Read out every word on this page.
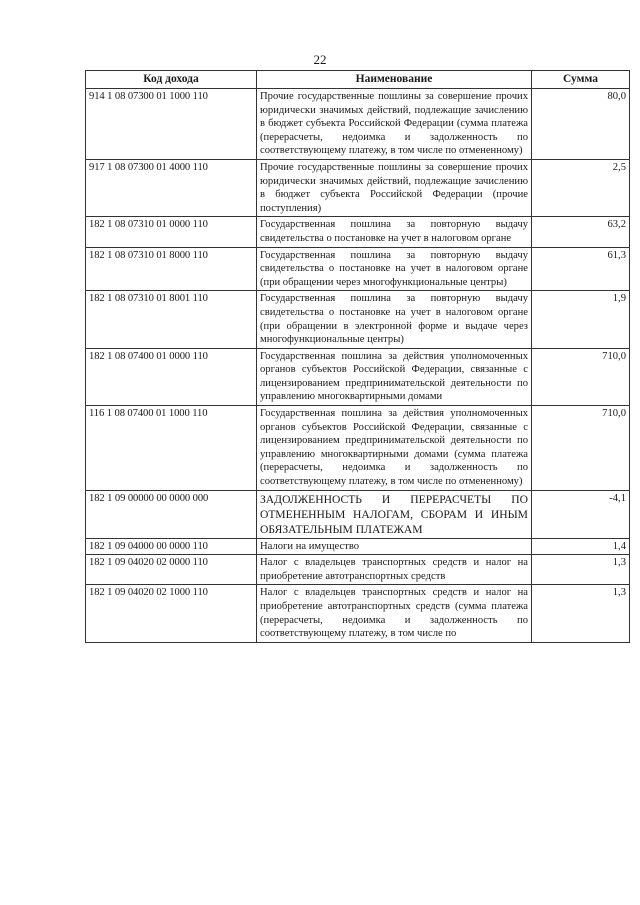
22
Код дохода	Наименование	Сумма
914 1 08 07300 01 1000 110	Прочие государственные пошлины за совершение прочих юридически значимых действий, подлежащие зачислению в бюджет субъекта Российской Федерации (сумма платежа (перерасчеты, недоимка и задолженность по соответствующему платежу, в том числе по отмененному)	80,0
917 1 08 07300 01 4000 110	Прочие государственные пошлины за совершение прочих юридически значимых действий, подлежащие зачислению в бюджет субъекта Российской Федерации (прочие поступления)	2,5
182 1 08 07310 01 0000 110	Государственная пошлина за повторную выдачу свидетельства о постановке на учет в налоговом органе	63,2
182 1 08 07310 01 8000 110	Государственная пошлина за повторную выдачу свидетельства о постановке на учет в налоговом органе (при обращении через многофункциональные центры)	61,3
182 1 08 07310 01 8001 110	Государственная пошлина за повторную выдачу свидетельства о постановке на учет в налоговом органе (при обращении в электронной форме и выдаче через многофункциональные центры)	1,9
182 1 08 07400 01 0000 110	Государственная пошлина за действия уполномоченных органов субъектов Российской Федерации, связанные с лицензированием предпринимательской деятельности по управлению многоквартирными домами	710,0
116 1 08 07400 01 1000 110	Государственная пошлина за действия уполномоченных органов субъектов Российской Федерации, связанные с лицензированием предпринимательской деятельности по управлению многоквартирными домами (сумма платежа (перерасчеты, недоимка и задолженность по соответствующему платежу, в том числе по отмененному)	710,0
182 1 09 00000 00 0000 000	ЗАДОЛЖЕННОСТЬ И ПЕРЕРАСЧЕТЫ ПО ОТМЕНЕННЫМ НАЛОГАМ, СБОРАМ И ИНЫМ ОБЯЗАТЕЛЬНЫМ ПЛАТЕЖАМ	-4,1
182 1 09 04000 00 0000 110	Налоги на имущество	1,4
182 1 09 04020 02 0000 110	Налог с владельцев транспортных средств и налог на приобретение автотранспортных средств	1,3
182 1 09 04020 02 1000 110	Налог с владельцев транспортных средств и налог на приобретение автотранспортных средств (сумма платежа (перерасчеты, недоимка и задолженность по соответствующему платежу, в том числе по	1,3
